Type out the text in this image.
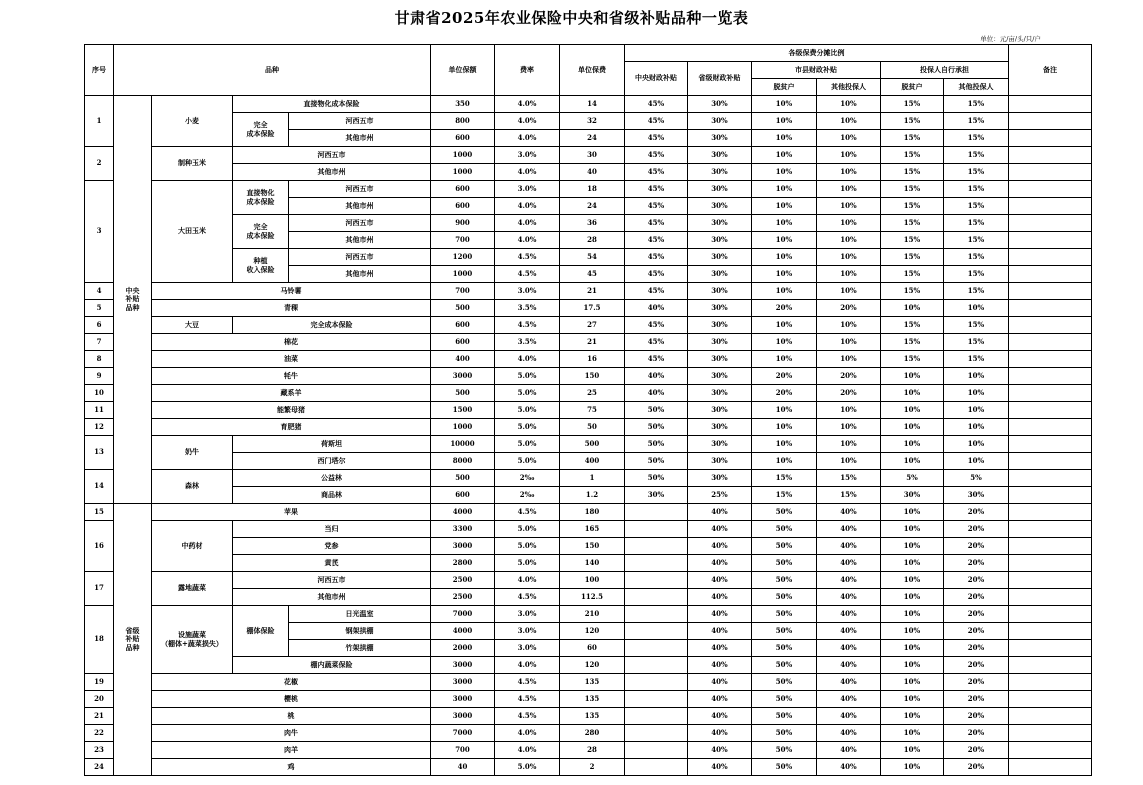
甘肃省2025年农业保险中央和省级补贴品种一览表
单位：元/亩/头/只/户
序号	品种				单位保额	费率	单位保费	各级保费分摊比例						备注
								中央财政补贴	省级财政补贴	市县财政补贴		投保人自行承担		
										脱贫户	其他投保人	脱贫户	其他投保人	
1	中央
补贴
品种	小麦	直接物化成本保险		350	4.0%	14	45%	30%	10%	10%	15%	15%	
			完全
成本保险	河西五市	800	4.0%	32	45%	30%	10%	10%	15%	15%	
				其他市州	600	4.0%	24	45%	30%	10%	10%	15%	15%	
2		制种玉米	河西五市		1000	3.0%	30	45%	30%	10%	10%	15%	15%	
			其他市州		1000	4.0%	40	45%	30%	10%	10%	15%	15%	
3		大田玉米	直接物化
成本保险	河西五市	600	3.0%	18	45%	30%	10%	10%	15%	15%	
				其他市州	600	4.0%	24	45%	30%	10%	10%	15%	15%	
			完全
成本保险	河西五市	900	4.0%	36	45%	30%	10%	10%	15%	15%	
				其他市州	700	4.0%	28	45%	30%	10%	10%	15%	15%	
			种植
收入保险	河西五市	1200	4.5%	54	45%	30%	10%	10%	15%	15%	
				其他市州	1000	4.5%	45	45%	30%	10%	10%	15%	15%	
4		马铃薯			700	3.0%	21	45%	30%	10%	10%	15%	15%	
5		青稞			500	3.5%	17.5	40%	30%	20%	20%	10%	10%	
6		大豆	完全成本保险		600	4.5%	27	45%	30%	10%	10%	15%	15%	
7		棉花			600	3.5%	21	45%	30%	10%	10%	15%	15%	
8		油菜			400	4.0%	16	45%	30%	10%	10%	15%	15%	
9		牦牛			3000	5.0%	150	40%	30%	20%	20%	10%	10%	
10		藏系羊			500	5.0%	25	40%	30%	20%	20%	10%	10%	
11		能繁母猪			1500	5.0%	75	50%	30%	10%	10%	10%	10%	
12		育肥猪			1000	5.0%	50	50%	30%	10%	10%	10%	10%	
13		奶牛	荷斯坦		10000	5.0%	500	50%	30%	10%	10%	10%	10%	
			西门塔尔		8000	5.0%	400	50%	30%	10%	10%	10%	10%	
14		森林	公益林		500	2‰	1	50%	30%	15%	15%	5%	5%	
			商品林		600	2‰	1.2	30%	25%	15%	15%	30%	30%	
15	省级
补贴
品种	苹果			4000	4.5%	180		40%	50%	40%	10%	20%	
16		中药材	当归		3300	5.0%	165		40%	50%	40%	10%	20%	
			党参		3000	5.0%	150		40%	50%	40%	10%	20%	
			黄芪		2800	5.0%	140		40%	50%	40%	10%	20%	
17		露地蔬菜	河西五市		2500	4.0%	100		40%	50%	40%	10%	20%	
			其他市州		2500	4.5%	112.5		40%	50%	40%	10%	20%	
18		设施蔬菜
（棚体+蔬菜损失）	棚体保险	日光温室	7000	3.0%	210		40%	50%	40%	10%	20%	
				钢架拱棚	4000	3.0%	120		40%	50%	40%	10%	20%	
				竹架拱棚	2000	3.0%	60		40%	50%	40%	10%	20%	
			棚内蔬菜保险		3000	4.0%	120		40%	50%	40%	10%	20%	
19		花椒			3000	4.5%	135		40%	50%	40%	10%	20%	
20		樱桃			3000	4.5%	135		40%	50%	40%	10%	20%	
21		桃			3000	4.5%	135		40%	50%	40%	10%	20%	
22		肉牛			7000	4.0%	280		40%	50%	40%	10%	20%	
23		肉羊			700	4.0%	28		40%	50%	40%	10%	20%	
24		鸡			40	5.0%	2		40%	50%	40%	10%	20%	
